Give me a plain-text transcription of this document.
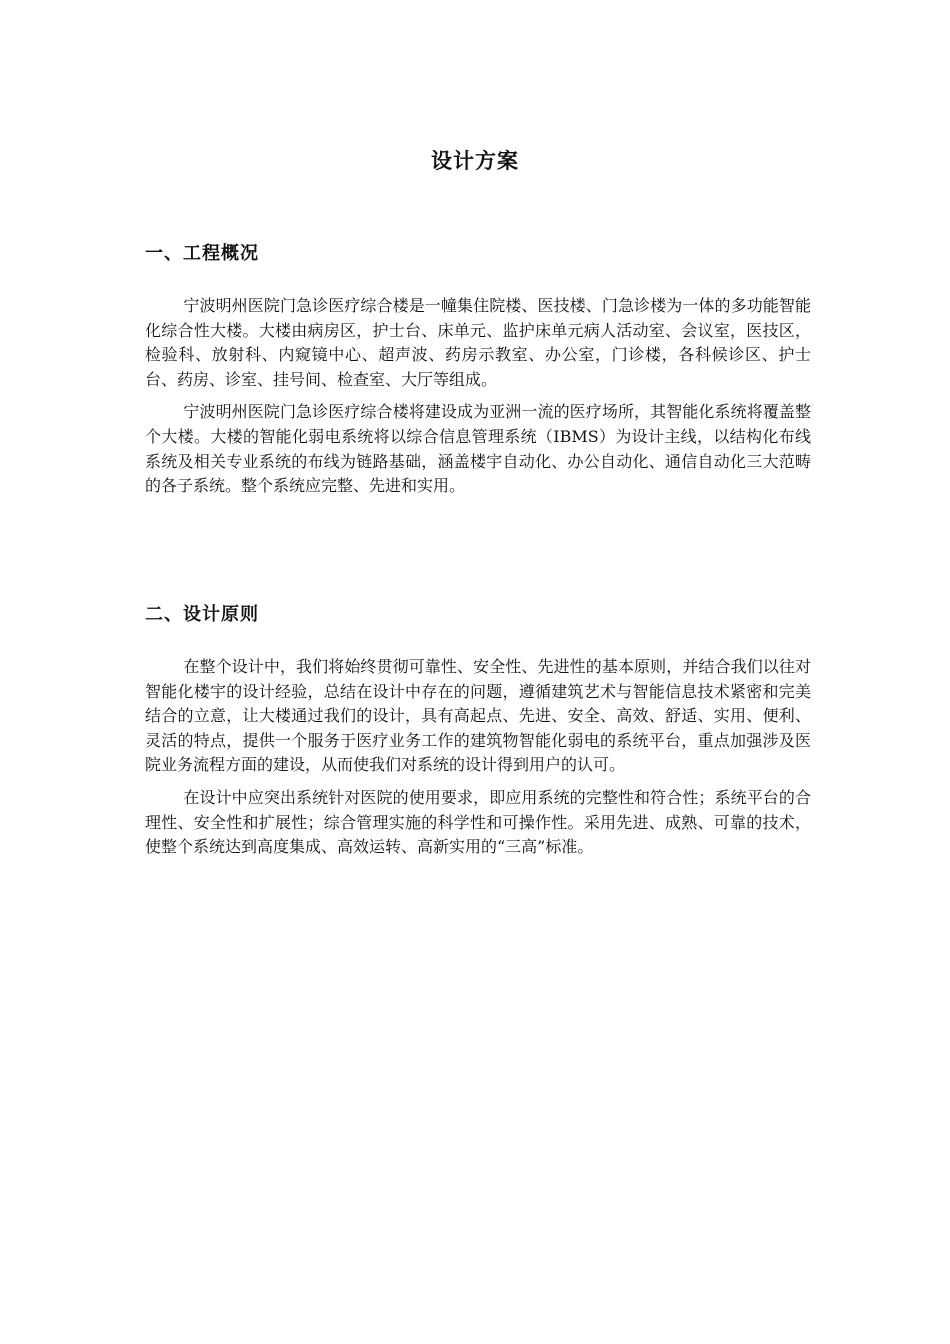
设计方案
一、工程概况

宁波明州医院门急诊医疗综合楼是一幢集住院楼、医技楼、门急诊楼为一体的多功能智能化综合性大楼。大楼由病房区，护士台、床单元、监护床单元病人活动室、会议室，医技区，检验科、放射科、内窥镜中心、超声波、药房示教室、办公室，门诊楼，各科候诊区、护士台、药房、诊室、挂号间、检查室、大厅等组成。

宁波明州医院门急诊医疗综合楼将建设成为亚洲一流的医疗场所，其智能化系统将覆盖整个大楼。大楼的智能化弱电系统将以综合信息管理系统（IBMS）为设计主线，以结构化布线系统及相关专业系统的布线为链路基础，涵盖楼宇自动化、办公自动化、通信自动化三大范畴的各子系统。整个系统应完整、先进和实用。

二、设计原则

在整个设计中，我们将始终贯彻可靠性、安全性、先进性的基本原则，并结合我们以往对智能化楼宇的设计经验，总结在设计中存在的问题，遵循建筑艺术与智能信息技术紧密和完美结合的立意，让大楼通过我们的设计，具有高起点、先进、安全、高效、舒适、实用、便利、灵活的特点，提供一个服务于医疗业务工作的建筑物智能化弱电的系统平台，重点加强涉及医院业务流程方面的建设，从而使我们对系统的设计得到用户的认可。

在设计中应突出系统针对医院的使用要求，即应用系统的完整性和符合性；系统平台的合理性、安全性和扩展性；综合管理实施的科学性和可操作性。采用先进、成熟、可靠的技术，使整个系统达到高度集成、高效运转、高新实用的“三高”标准。
